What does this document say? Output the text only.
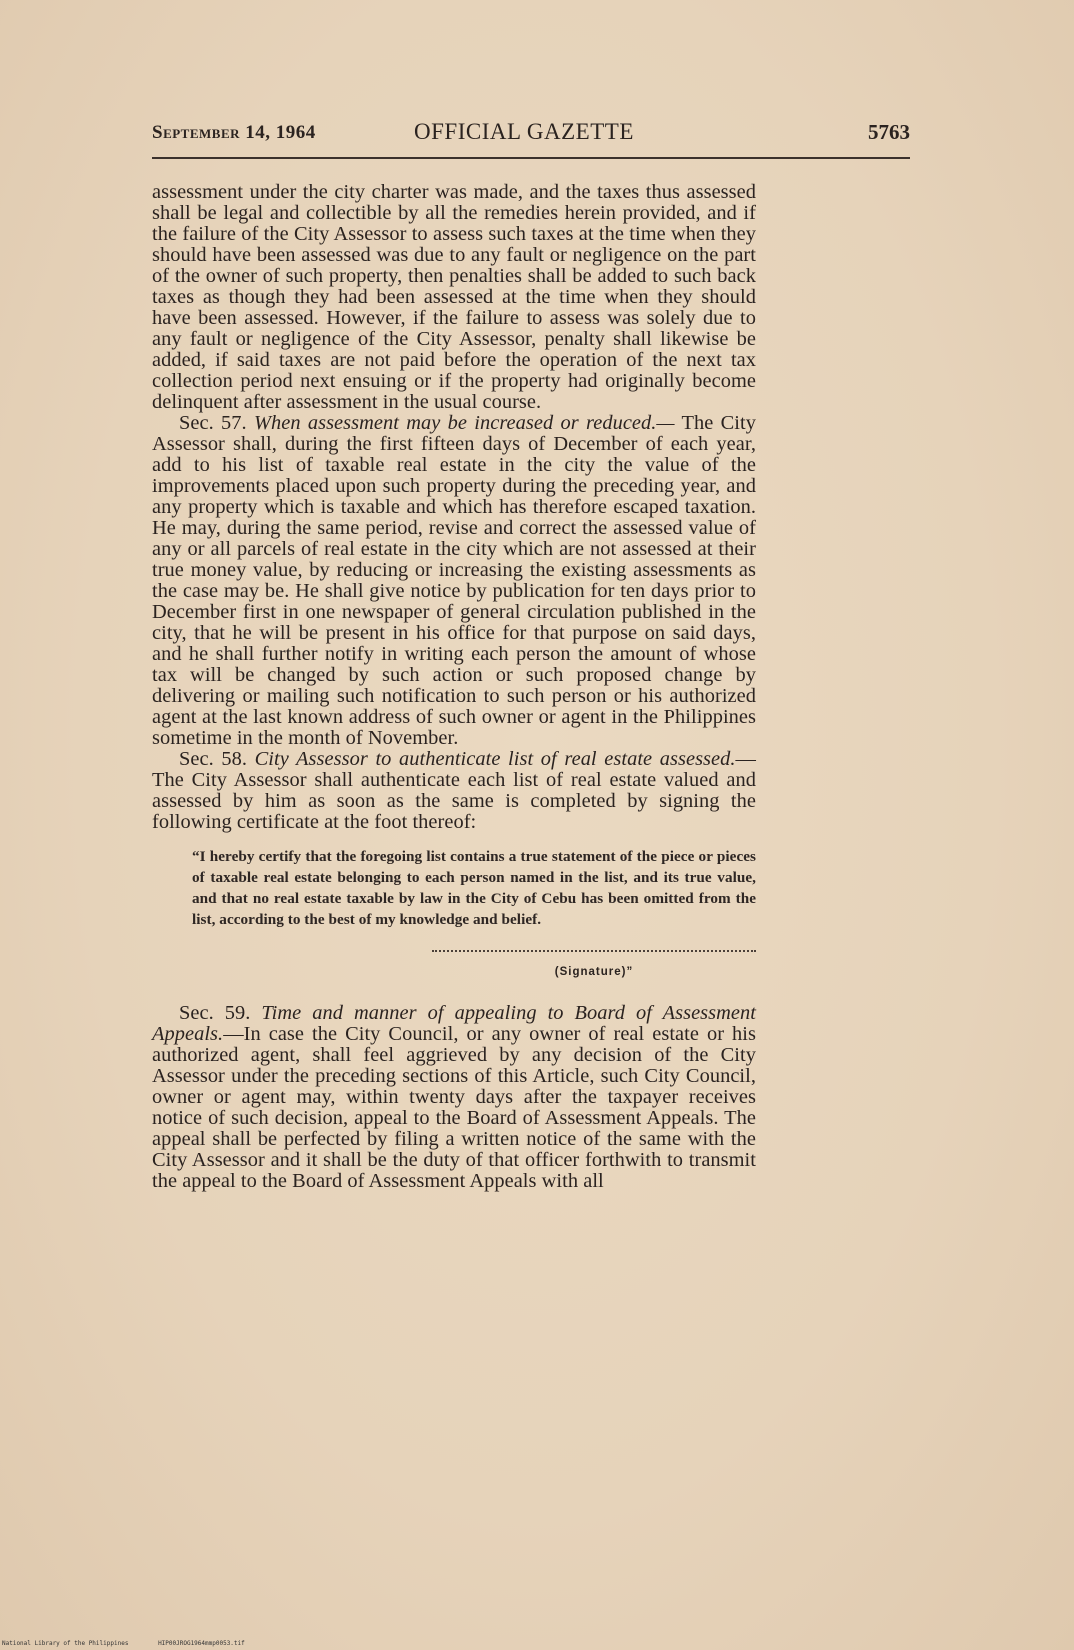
September 14, 1964	OFFICIAL GAZETTE	5763

assessment under the city charter was made, and the taxes thus assessed shall be legal and collectible by all the remedies herein provided, and if the failure of the City Assessor to assess such taxes at the time when they should have been assessed was due to any fault or negligence on the part of the owner of such property, then penalties shall be added to such back taxes as though they had been assessed at the time when they should have been assessed. However, if the failure to assess was solely due to any fault or negligence of the City Assessor, penalty shall likewise be added, if said taxes are not paid before the operation of the next tax collection period next ensuing or if the property had originally become delinquent after assessment in the usual course.

Sec. 57. When assessment may be increased or reduced.— The City Assessor shall, during the first fifteen days of December of each year, add to his list of taxable real estate in the city the value of the improvements placed upon such property during the preceding year, and any property which is taxable and which has therefore escaped taxation. He may, during the same period, revise and correct the assessed value of any or all parcels of real estate in the city which are not assessed at their true money value, by reducing or increasing the existing assessments as the case may be. He shall give notice by publication for ten days prior to December first in one newspaper of general circulation published in the city, that he will be present in his office for that purpose on said days, and he shall further notify in writing each person the amount of whose tax will be changed by such action or such proposed change by delivering or mailing such notification to such person or his authorized agent at the last known address of such owner or agent in the Philippines sometime in the month of November.

Sec. 58. City Assessor to authenticate list of real estate assessed.—The City Assessor shall authenticate each list of real estate valued and assessed by him as soon as the same is completed by signing the following certificate at the foot thereof:

“I hereby certify that the foregoing list contains a true statement of the piece or pieces of taxable real estate belonging to each person named in the list, and its true value, and that no real estate taxable by law in the City of Cebu has been omitted from the list, according to the best of my knowledge and belief.

(Signature)”

Sec. 59. Time and manner of appealing to Board of Assessment Appeals.—In case the City Council, or any owner of real estate or his authorized agent, shall feel aggrieved by any decision of the City Assessor under the preceding sections of this Article, such City Council, owner or agent may, within twenty days after the taxpayer receives notice of such decision, appeal to the Board of Assessment Appeals. The appeal shall be perfected by filing a written notice of the same with the City Assessor and it shall be the duty of that officer forthwith to transmit the appeal to the Board of Assessment Appeals with all

National Library of the Philippines	HIP00JROG1964mmp0053.tif
